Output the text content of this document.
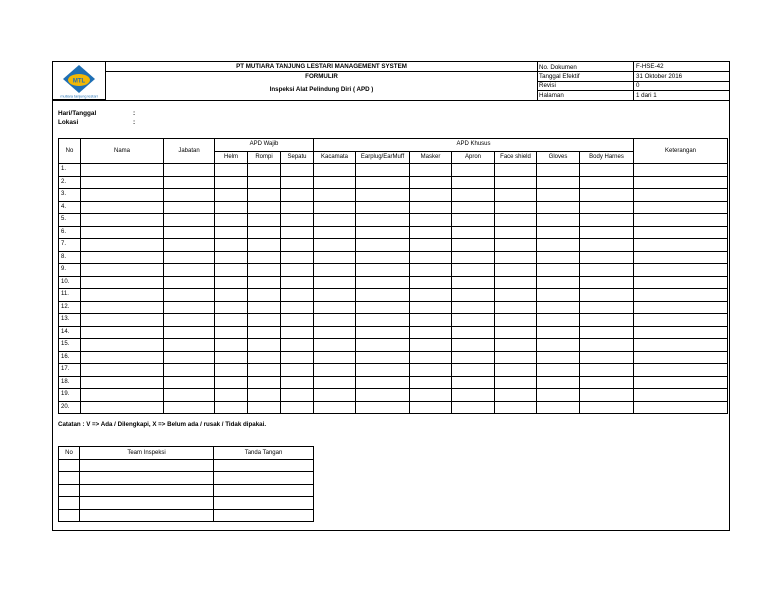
MTL
mutiara tanjung lestari
PT MUTIARA TANJUNG LESTARI MANAGEMENT SYSTEM
FORMULIR
Inspeksi Alat Pelindung Diri ( APD )
No. Dokumen	F-HSE-42
Tanggal Efektif	31 Oktober 2016
Revisi	0
Halaman	1 dari 1
Hari/Tanggal	:
Lokasi	:
No	Nama	Jabatan	APD Wajib			APD Khusus							Keterangan
			Helm	Rompi	Sepatu	Kacamata	Earplug/EarMuff	Masker	Apron	Face shield	Gloves	Body Harnes	
1.													
2.													
3.													
4.													
5.													
6.													
7.													
8.													
9.													
10.													
11.													
12.													
13.													
14.													
15.													
16.													
17.													
18.													
19.													
20.													
Catatan : V => Ada / Dilengkapi, X => Belum ada / rusak / Tidak dipakai.
No	Team Inspeksi	Tanda Tangan
